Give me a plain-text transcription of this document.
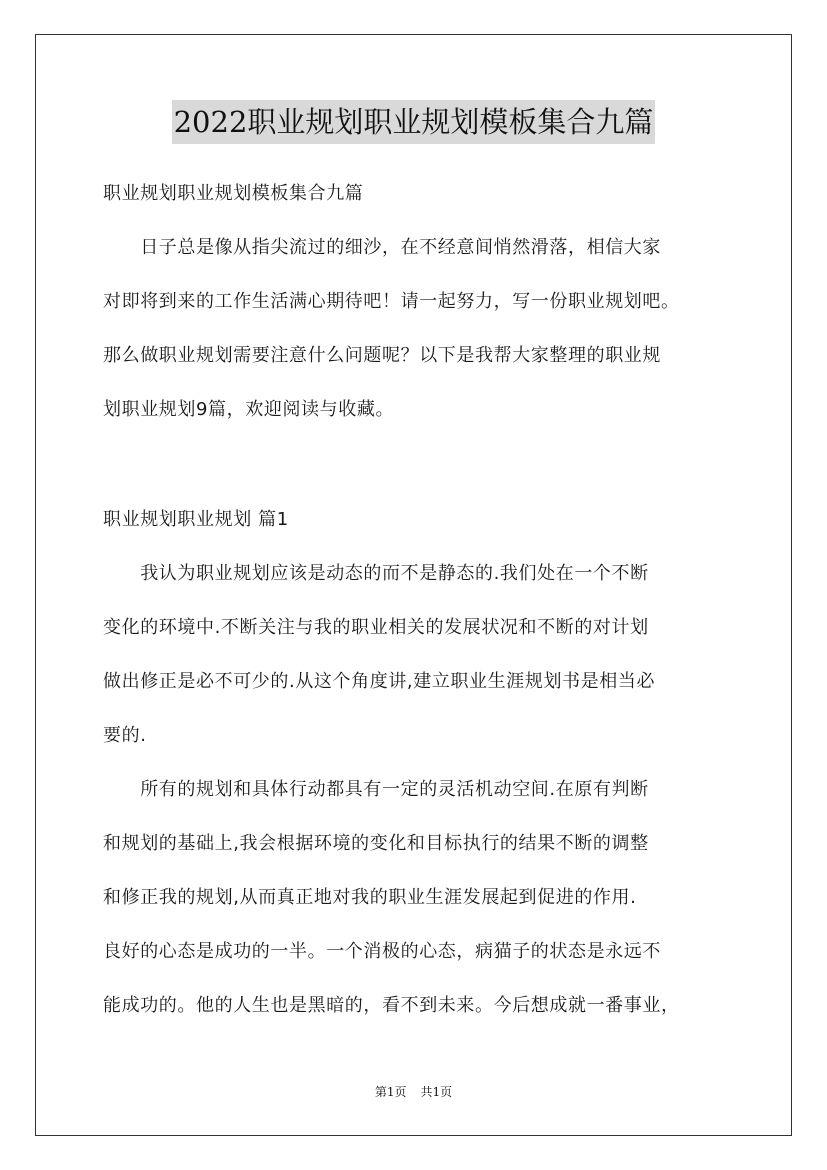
2022职业规划职业规划模板集合九篇
职业规划职业规划模板集合九篇
　　日子总是像从指尖流过的细沙，在不经意间悄然滑落，相信大家
对即将到来的工作生活满心期待吧！请一起努力，写一份职业规划吧。
那么做职业规划需要注意什么问题呢？以下是我帮大家整理的职业规
划职业规划9篇，欢迎阅读与收藏。
职业规划职业规划 篇1
　　我认为职业规划应该是动态的而不是静态的.我们处在一个不断
变化的环境中.不断关注与我的职业相关的发展状况和不断的对计划
做出修正是必不可少的.从这个角度讲,建立职业生涯规划书是相当必
要的.
　　所有的规划和具体行动都具有一定的灵活机动空间.在原有判断
和规划的基础上,我会根据环境的变化和目标执行的结果不断的调整
和修正我的规划,从而真正地对我的职业生涯发展起到促进的作用.
良好的心态是成功的一半。一个消极的心态，病猫子的状态是永远不
能成功的。他的人生也是黑暗的，看不到未来。今后想成就一番事业，
第1页 共1页
